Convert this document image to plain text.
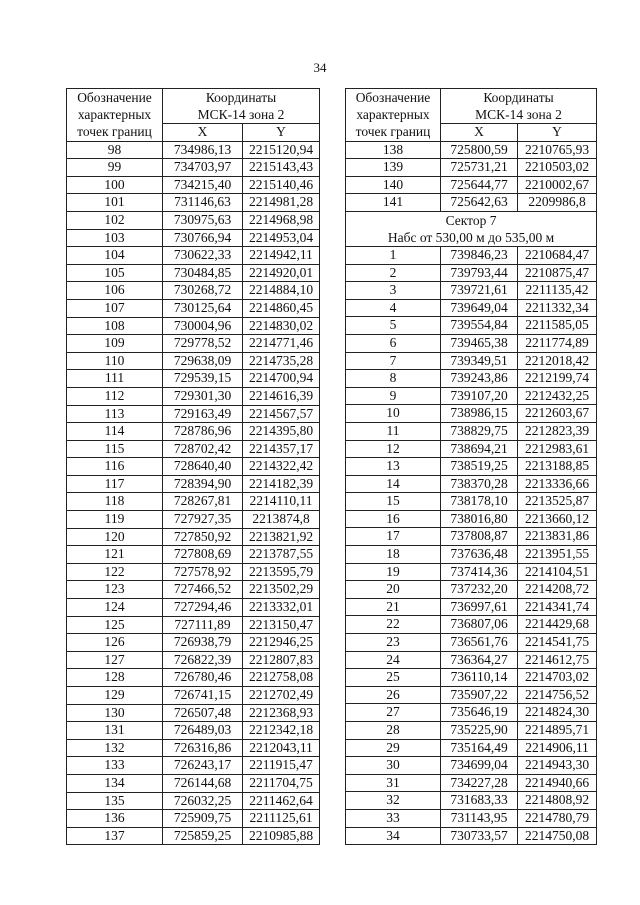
34
Обозначение
характерных
точек границ	Координаты
МСК-14 зона 2	
	X	Y
98	734986,13	2215120,94
99	734703,97	2215143,43
100	734215,40	2215140,46
101	731146,63	2214981,28
102	730975,63	2214968,98
103	730766,94	2214953,04
104	730622,33	2214942,11
105	730484,85	2214920,01
106	730268,72	2214884,10
107	730125,64	2214860,45
108	730004,96	2214830,02
109	729778,52	2214771,46
110	729638,09	2214735,28
111	729539,15	2214700,94
112	729301,30	2214616,39
113	729163,49	2214567,57
114	728786,96	2214395,80
115	728702,42	2214357,17
116	728640,40	2214322,42
117	728394,90	2214182,39
118	728267,81	2214110,11
119	727927,35	2213874,8
120	727850,92	2213821,92
121	727808,69	2213787,55
122	727578,92	2213595,79
123	727466,52	2213502,29
124	727294,46	2213332,01
125	727111,89	2213150,47
126	726938,79	2212946,25
127	726822,39	2212807,83
128	726780,46	2212758,08
129	726741,15	2212702,49
130	726507,48	2212368,93
131	726489,03	2212342,18
132	726316,86	2212043,11
133	726243,17	2211915,47
134	726144,68	2211704,75
135	726032,25	2211462,64
136	725909,75	2211125,61
137	725859,25	2210985,88
Обозначение
характерных
точек границ	Координаты
МСК-14 зона 2	
	X	Y
138	725800,59	2210765,93
139	725731,21	2210503,02
140	725644,77	2210002,67
141	725642,63	2209986,8
Сектор 7
Набс от 530,00 м до 535,00 м		
1	739846,23	2210684,47
2	739793,44	2210875,47
3	739721,61	2211135,42
4	739649,04	2211332,34
5	739554,84	2211585,05
6	739465,38	2211774,89
7	739349,51	2212018,42
8	739243,86	2212199,74
9	739107,20	2212432,25
10	738986,15	2212603,67
11	738829,75	2212823,39
12	738694,21	2212983,61
13	738519,25	2213188,85
14	738370,28	2213336,66
15	738178,10	2213525,87
16	738016,80	2213660,12
17	737808,87	2213831,86
18	737636,48	2213951,55
19	737414,36	2214104,51
20	737232,20	2214208,72
21	736997,61	2214341,74
22	736807,06	2214429,68
23	736561,76	2214541,75
24	736364,27	2214612,75
25	736110,14	2214703,02
26	735907,22	2214756,52
27	735646,19	2214824,30
28	735225,90	2214895,71
29	735164,49	2214906,11
30	734699,04	2214943,30
31	734227,28	2214940,66
32	731683,33	2214808,92
33	731143,95	2214780,79
34	730733,57	2214750,08
